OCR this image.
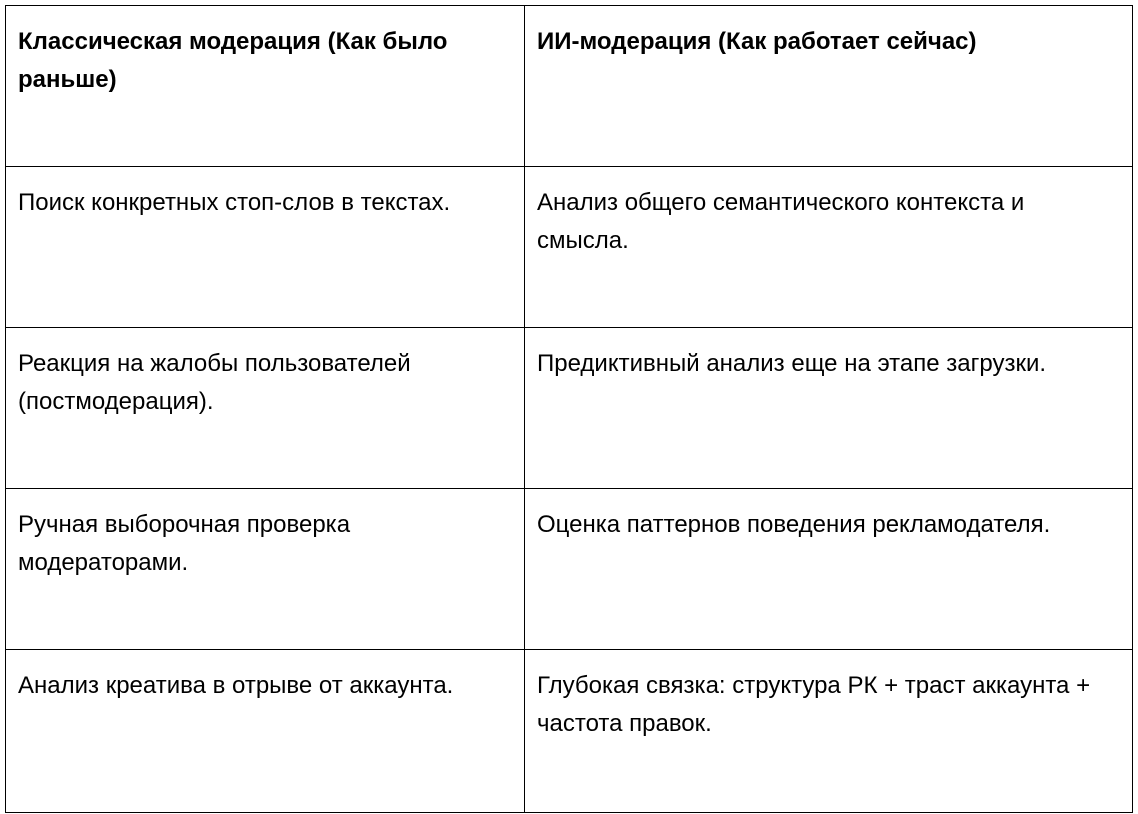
Классическая модерация (Как было раньше)	ИИ-модерация (Как работает сейчас)
Поиск конкретных стоп-слов в текстах.	Анализ общего семантического контекста и смысла.
Реакция на жалобы пользователей (постмодерация).	Предиктивный анализ еще на этапе загрузки.
Ручная выборочная проверка модераторами.	Оценка паттернов поведения рекламодателя.
Анализ креатива в отрыве от аккаунта.	Глубокая связка: структура РК + траст аккаунта + частота правок.
